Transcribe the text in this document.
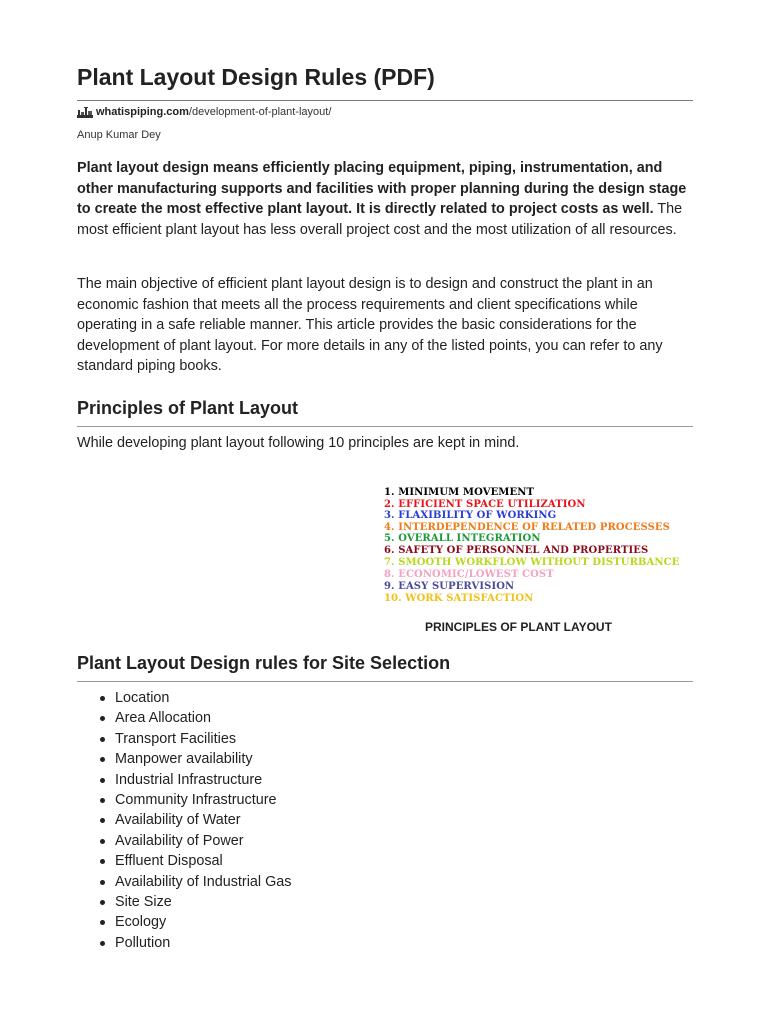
Plant Layout Design Rules (PDF)
whatispiping.com /development-of-plant-layout/
Anup Kumar Dey

Plant layout design means efficiently placing equipment, piping, instrumentation, and other manufacturing supports and facilities with proper planning during the design stage to create the most effective plant layout. It is directly related to project costs as well. The most efficient plant layout has less overall project cost and the most utilization of all resources.

The main objective of efficient plant layout design is to design and construct the plant in an economic fashion that meets all the process requirements and client specifications while operating in a safe reliable manner. This article provides the basic considerations for the development of plant layout. For more details in any of the listed points, you can refer to any standard piping books.

Principles of Plant Layout

While developing plant layout following 10 principles are kept in mind.

1. MINIMUM MOVEMENT
2. EFFICIENT SPACE UTILIZATION
3. FLAXIBILITY OF WORKING
4. INTERDEPENDENCE OF RELATED PROCESSES
5. OVERALL INTEGRATION
6. SAFETY OF PERSONNEL AND PROPERTIES
7. SMOOTH WORKFLOW WITHOUT DISTURBANCE
8. ECONOMIC/LOWEST COST
9. EASY SUPERVISION
10. WORK SATISFACTION
PRINCIPLES OF PLANT LAYOUT
Plant Layout Design rules for Site Selection
Location
Area Allocation
Transport Facilities
Manpower availability
Industrial Infrastructure
Community Infrastructure
Availability of Water
Availability of Power
Effluent Disposal
Availability of Industrial Gas
Site Size
Ecology
Pollution
